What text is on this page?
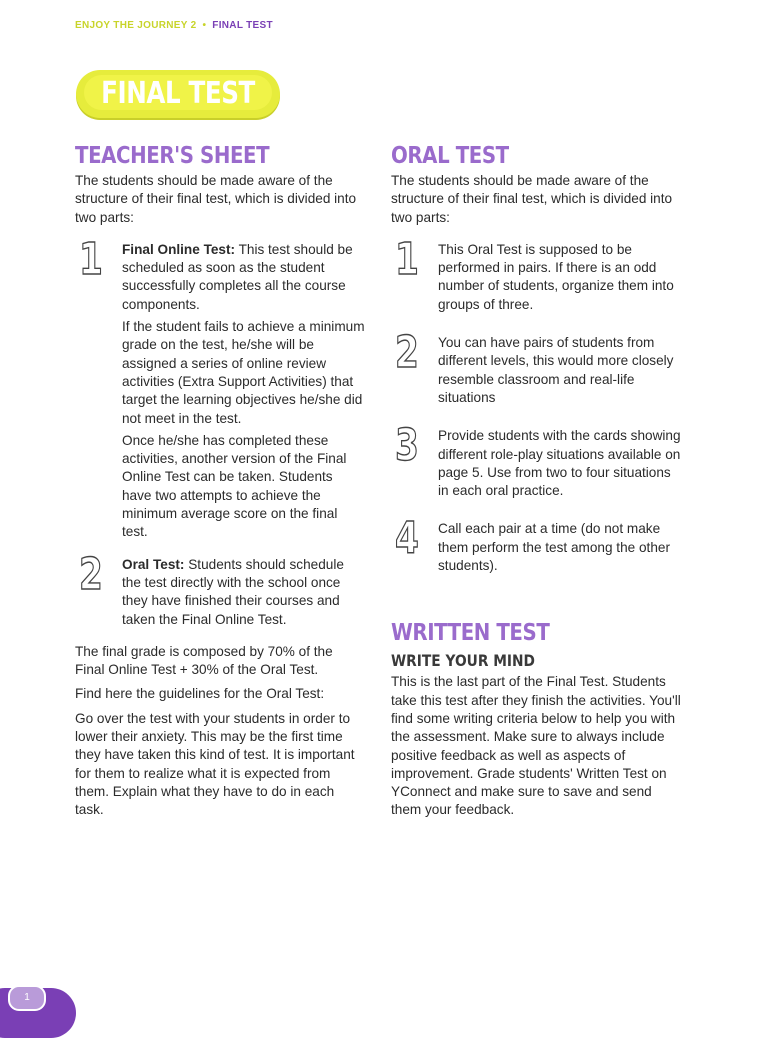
ENJOY THE JOURNEY 2 • FINAL TEST
FINAL TEST
TEACHER'S SHEET

The students should be made aware of the structure of their final test, which is divided into two parts:

1 Final Online Test: This test should be scheduled as soon as the student successfully completes all the course components.

If the student fails to achieve a minimum grade on the test, he/she will be assigned a series of online review activities (Extra Support Activities) that target the learning objectives he/she did not meet in the test.

Once he/she has completed these activities, another version of the Final Online Test can be taken. Students have two attempts to achieve the minimum average score on the final test.

2 Oral Test: Students should schedule the test directly with the school once they have finished their courses and taken the Final Online Test.

The final grade is composed by 70% of the Final Online Test + 30% of the Oral Test.

Find here the guidelines for the Oral Test:

Go over the test with your students in order to lower their anxiety. This may be the first time they have taken this kind of test. It is important for them to realize what it is expected from them. Explain what they have to do in each task.

ORAL TEST

The students should be made aware of the structure of their final test, which is divided into two parts:

1 This Oral Test is supposed to be performed in pairs. If there is an odd number of students, organize them into groups of three.

2 You can have pairs of students from different levels, this would more closely resemble classroom and real-life situations

3 Provide students with the cards showing different role-play situations available on page 5. Use from two to four situations in each oral practice.

4 Call each pair at a time (do not make them perform the test among the other students).

WRITTEN TEST
WRITE YOUR MIND

This is the last part of the Final Test. Students take this test after they finish the activities. You'll find some writing criteria below to help you with the assessment. Make sure to always include positive feedback as well as aspects of improvement. Grade students' Written Test on YConnect and make sure to save and send them your feedback.

1
